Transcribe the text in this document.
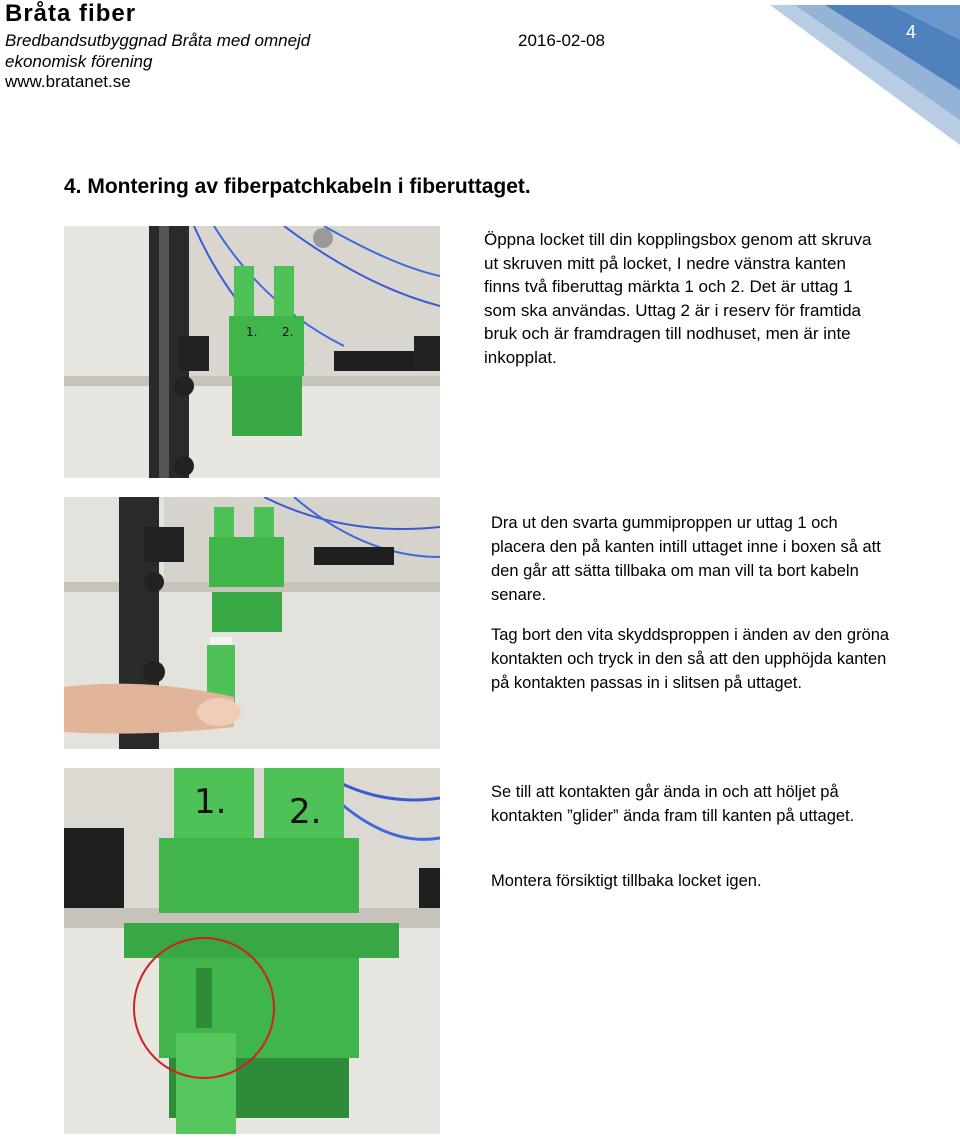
Bråta fiber
Bredbandsutbyggnad Bråta med omnejd
ekonomisk förening
www.bratanet.se
2016-02-08	4
4. Montering av fiberpatchkabeln i fiberuttaget.
1. 2.
Öppna locket till din kopplingsbox genom att skruva ut skruven mitt på locket, I nedre vänstra kanten finns två fiberuttag märkta 1 och 2. Det är uttag 1 som ska användas. Uttag 2 är i reserv för framtida bruk och är framdragen till nodhuset, men är inte inkopplat.
Dra ut den svarta gummiproppen ur uttag 1 och placera den på kanten intill uttaget inne i boxen så att den går att sätta tillbaka om man vill ta bort kabeln senare.
Tag bort den vita skyddsproppen i änden av den gröna kontakten och tryck in den så att den upphöjda kanten på kontakten passas in i slitsen på uttaget.
1. 2.	Se till att kontakten går ända in och att höljet på kontakten ”glider” ända fram till kanten på uttaget.
Montera försiktigt tillbaka locket igen.
